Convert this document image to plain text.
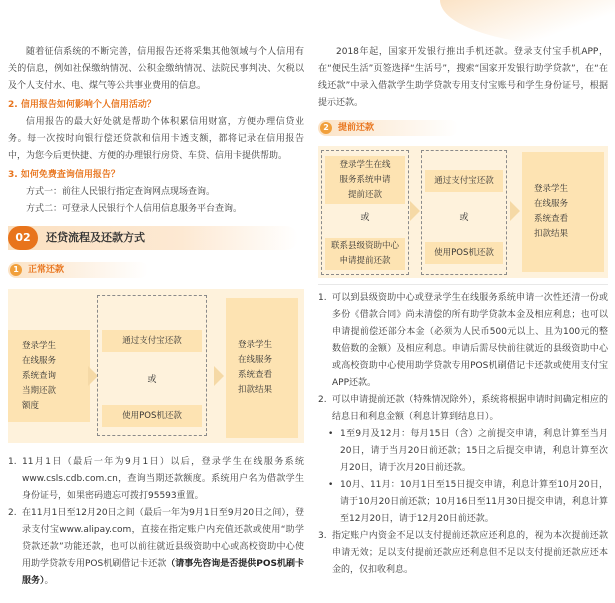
随着征信系统的不断完善，信用报告还将采集其他领域与个人信用有关的信息，例如社保缴纳情况、公积金缴纳情况、法院民事判决、欠税以及个人支付水、电、煤气等公共事业费用的信息。

2. 信用报告如何影响个人信用活动？

信用报告的最大好处就是帮助个体积累信用财富，方便办理信贷业务。每一次按时向银行偿还贷款和信用卡透支额，都将记录在信用报告中，为您今后更快捷、方便的办理银行房贷、车贷、信用卡提供帮助。

3. 如何免费查询信用报告？

方式一：前往人民银行指定查询网点现场查询。

方式二：可登录人民银行个人信用信息服务平台查询。

02	还贷流程及还款方式
1	正常还款
登录学生
在线服务
系统查询
当期还款
额度
通过支付宝还款
或
使用POS机还款
登录学生
在线服务
系统查看
扣款结果
1. 11月1日（最后一年为9月1日）以后，登录学生在线服务系统www.csls.cdb.com.cn，查询当期还款额度。系统用户名为借款学生身份证号，如果密码遗忘可拨打95593重置。
2. 在11月1日至12月20日之间（最后一年为9月1日至9月20日之间），登录支付宝www.alipay.com，直接在指定账户内充值还款或使用“助学贷款还款”功能还款，也可以前往就近县级资助中心或高校资助中心使用助学贷款专用POS机刷借记卡还款（请事先咨询是否提供POS机刷卡服务）。

2018年起，国家开发银行推出手机还款。登录支付宝手机APP，在“便民生活”页签选择“生活号”，搜索“国家开发银行助学贷款”，在“在线还款”中录入借款学生助学贷款专用支付宝账号和学生身份证号，根据提示还款。

2	提前还款
登录学生在线
服务系统申请
提前还款
或
联系县级资助中心
申请提前还款
通过支付宝还款
或
使用POS机还款
登录学生
在线服务
系统查看
扣款结果
1. 可以到县级资助中心或登录学生在线服务系统申请一次性还清一份或多份《借款合同》尚未清偿的所有助学贷款本金及相应利息；也可以申请提前偿还部分本金（必须为人民币500元以上、且为100元的整数倍数的金额）及相应利息。申请后需尽快前往就近的县级资助中心或高校资助中心使用助学贷款专用POS机刷借记卡还款或使用支付宝APP还款。
2. 可以申请提前还款（特殊情况除外），系统将根据申请时间确定相应的结息日和利息金额（利息计算到结息日）。
• 1至9月及12月：每月15日（含）之前提交申请，利息计算至当月20日，请于当月20日前还款；15日之后提交申请，利息计算至次月20日，请于次月20日前还款。
• 10月、11月：10月1日至15日提交申请，利息计算至10月20日，请于10月20日前还款；10月16日至11月30日提交申请，利息计算至12月20日，请于12月20日前还款。
3. 指定账户内资金不足以支付提前还款应还利息的，视为本次提前还款申请无效；足以支付提前还款应还利息但不足以支付提前还款应还本金的，仅扣收利息。
